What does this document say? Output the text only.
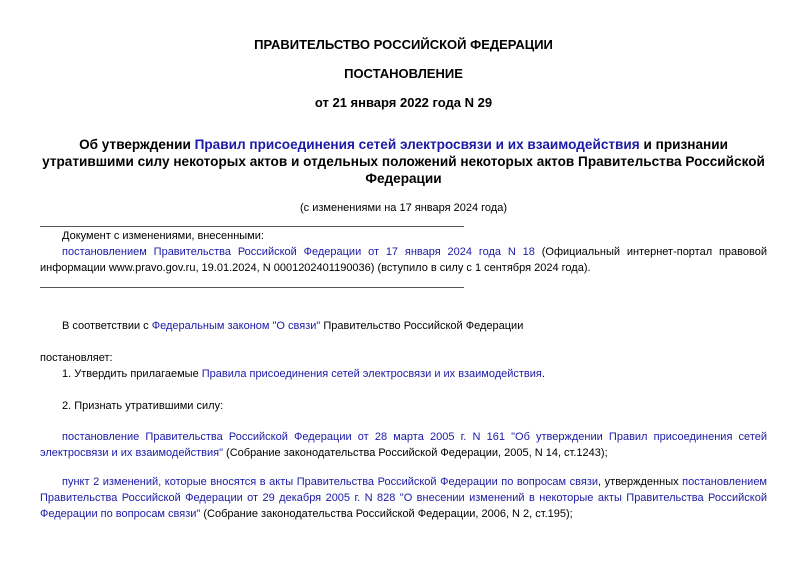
ПРАВИТЕЛЬСТВО РОССИЙСКОЙ ФЕДЕРАЦИИ
ПОСТАНОВЛЕНИЕ
от 21 января 2022 года N 29
Об утверждении Правил присоединения сетей электросвязи и их взаимодействия и признании утратившими силу некоторых актов и отдельных положений некоторых актов Правительства Российской Федерации
(с изменениями на 17 января 2024 года)
Документ с изменениями, внесенными:
постановлением Правительства Российской Федерации от 17 января 2024 года N 18 (Официальный интернет-портал правовой информации www.pravo.gov.ru, 19.01.2024, N 0001202401190036) (вступило в силу с 1 сентября 2024 года).
В соответствии с Федеральным законом "О связи" Правительство Российской Федерации
постановляет:
1. Утвердить прилагаемые Правила присоединения сетей электросвязи и их взаимодействия.
2. Признать утратившими силу:
постановление Правительства Российской Федерации от 28 марта 2005 г. N 161 "Об утверждении Правил присоединения сетей электросвязи и их взаимодействия" (Собрание законодательства Российской Федерации, 2005, N 14, ст.1243);
пункт 2 изменений, которые вносятся в акты Правительства Российской Федерации по вопросам связи, утвержденных постановлением Правительства Российской Федерации от 29 декабря 2005 г. N 828 "О внесении изменений в некоторые акты Правительства Российской Федерации по вопросам связи" (Собрание законодательства Российской Федерации, 2006, N 2, ст.195);
